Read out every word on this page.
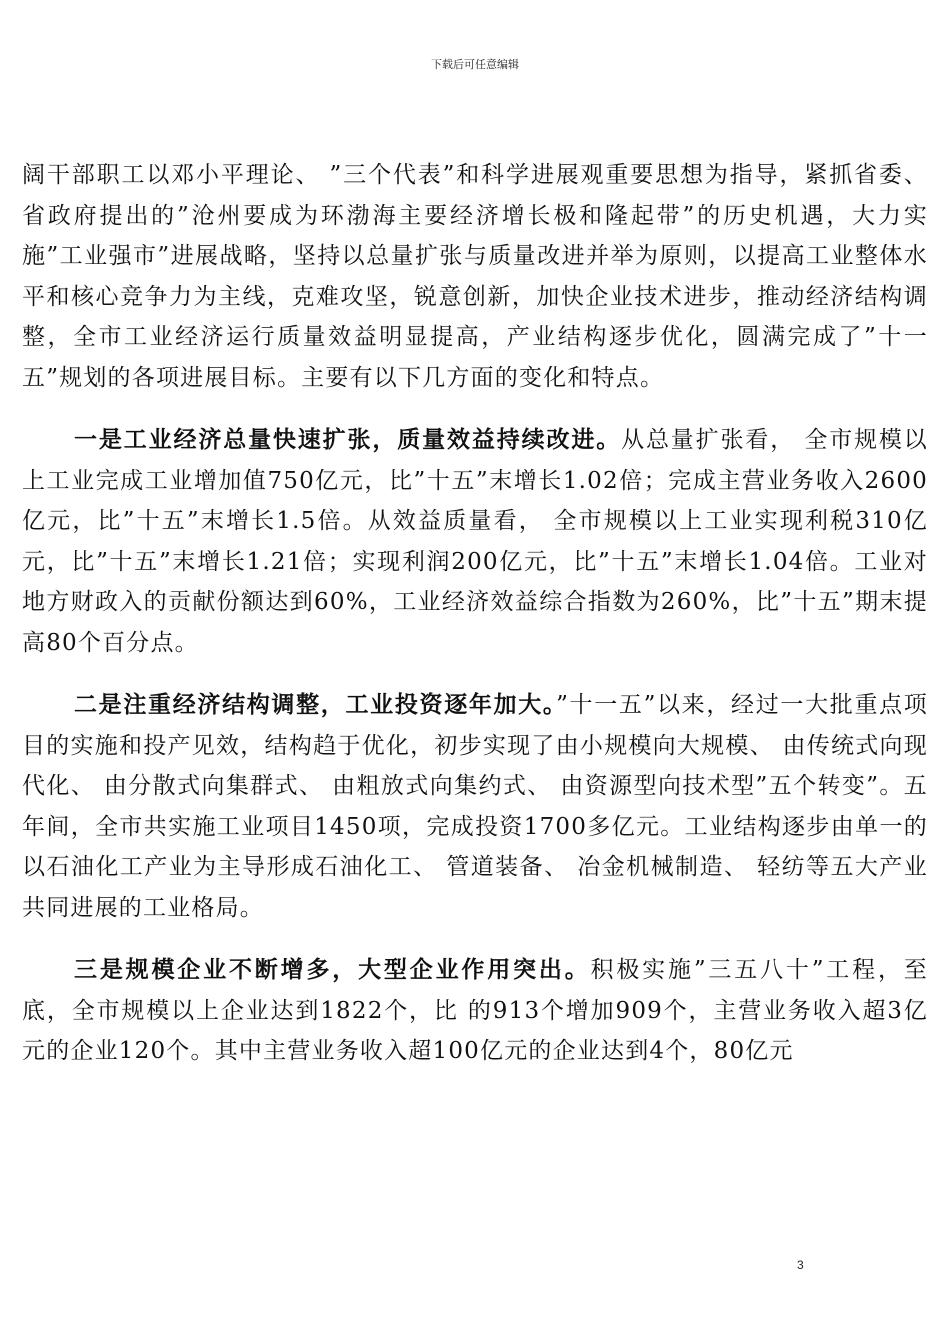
下载后可任意编辑

阔干部职工以邓小平理论、 ”三个代表”和科学进展观重要思想为指导，紧抓省委、 省政府提出的”沧州要成为环渤海主要经济增长极和隆起带”的历史机遇，大力实施”工业强市”进展战略，坚持以总量扩张与质量改进并举为原则，以提高工业整体水平和核心竞争力为主线，克难攻坚，锐意创新，加快企业技术进步，推动经济结构调整，全市工业经济运行质量效益明显提高，产业结构逐步优化，圆满完成了”十一五”规划的各项进展目标。主要有以下几方面的变化和特点。

一是工业经济总量快速扩张，质量效益持续改进。从总量扩张看， 全市规模以上工业完成工业增加值750亿元，比”十五”末增长1.02倍；完成主营业务收入2600亿元，比”十五”末增长1.5倍。从效益质量看， 全市规模以上工业实现利税310亿元，比”十五”末增长1.21倍；实现利润200亿元，比”十五”末增长1.04倍。工业对地方财政入的贡献份额达到60%，工业经济效益综合指数为260%，比”十五”期末提高80个百分点。

二是注重经济结构调整，工业投资逐年加大。”十一五”以来，经过一大批重点项目的实施和投产见效，结构趋于优化，初步实现了由小规模向大规模、 由传统式向现代化、 由分散式向集群式、 由粗放式向集约式、 由资源型向技术型”五个转变”。五年间，全市共实施工业项目1450项，完成投资1700多亿元。工业结构逐步由单一的以石油化工产业为主导形成石油化工、 管道装备、 冶金机械制造、 轻纺等五大产业共同进展的工业格局。

三是规模企业不断增多，大型企业作用突出。积极实施”三五八十”工程，至 底，全市规模以上企业达到1822个，比 的913个增加909个，主营业务收入超3亿元的企业120个。其中主营业务收入超100亿元的企业达到4个，80亿元

3
